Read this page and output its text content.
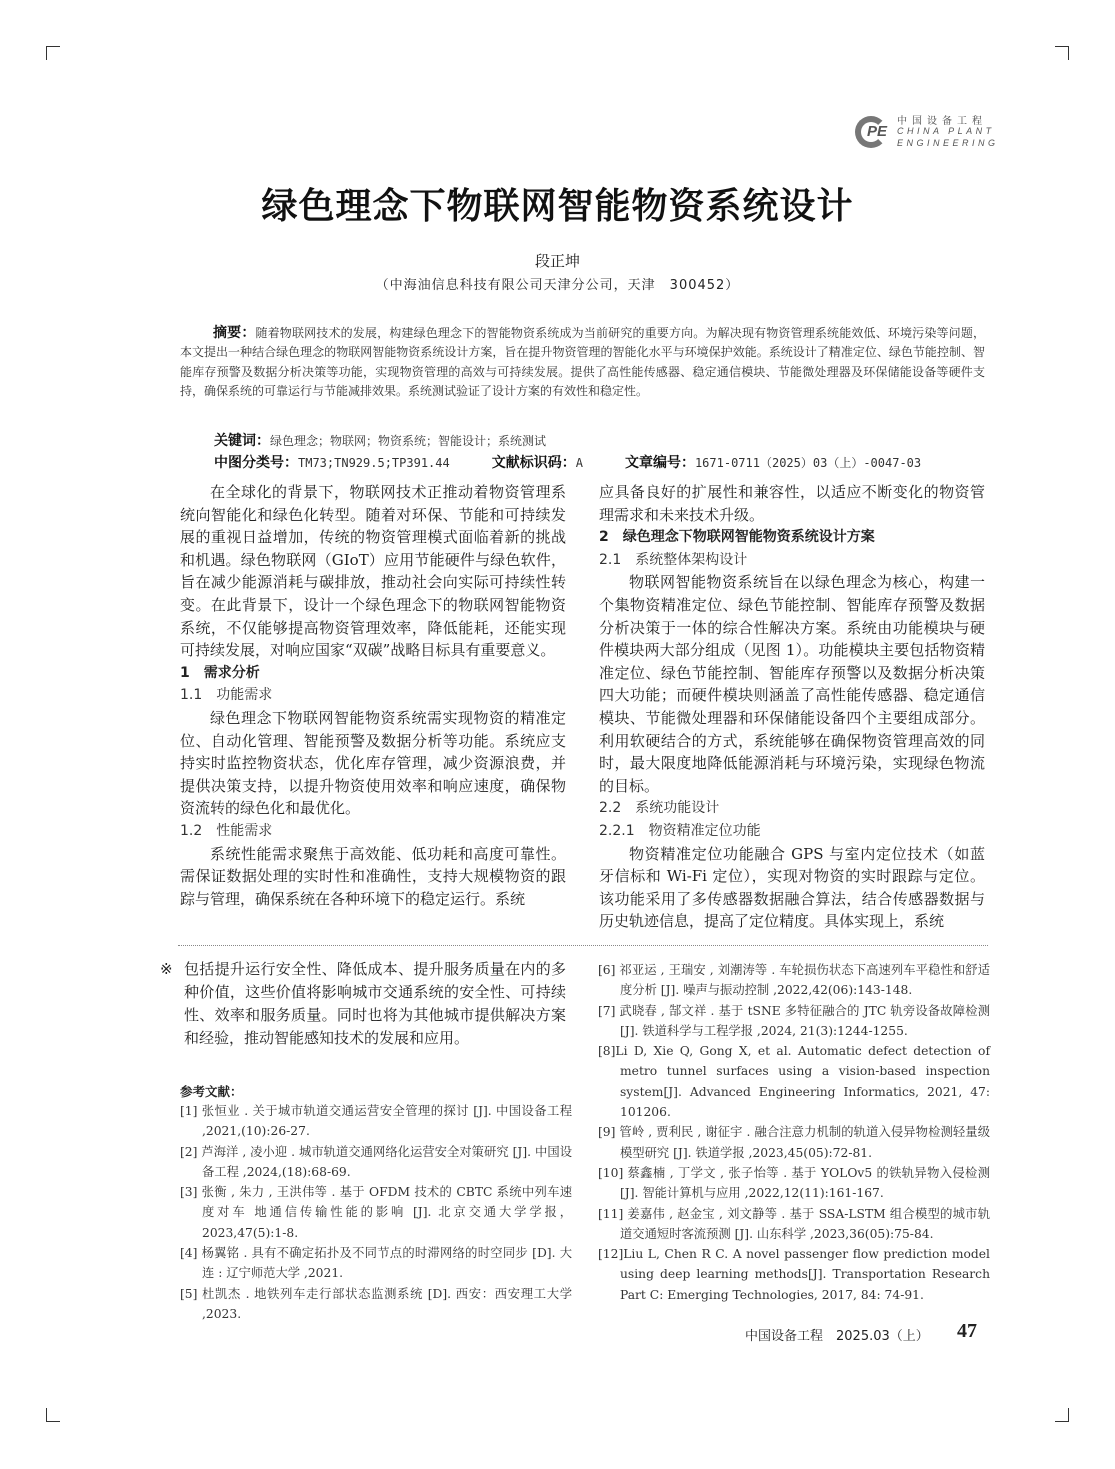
PE
中国设备工程
CHINA PLANT
ENGINEERING
绿色理念下物联网智能物资系统设计
段正坤
（中海油信息科技有限公司天津分公司，天津　300452）
摘要：随着物联网技术的发展，构建绿色理念下的智能物资系统成为当前研究的重要方向。为解决现有物资管理系统能效低、环境污染等问题，本文提出一种结合绿色理念的物联网智能物资系统设计方案，旨在提升物资管理的智能化水平与环境保护效能。系统设计了精准定位、绿色节能控制、智能库存预警及数据分析决策等功能，实现物资管理的高效与可持续发展。提供了高性能传感器、稳定通信模块、节能微处理器及环保储能设备等硬件支持，确保系统的可靠运行与节能减排效果。系统测试验证了设计方案的有效性和稳定性。
关键词：绿色理念；物联网；物资系统；智能设计；系统测试
中图分类号：TM73;TN929.5;TP391.44	文献标识码：A	文章编号：1671-0711（2025）03（上）-0047-03

在全球化的背景下，物联网技术正推动着物资管理系统向智能化和绿色化转型。随着对环保、节能和可持续发展的重视日益增加，传统的物资管理模式面临着新的挑战和机遇。绿色物联网（GIoT）应用节能硬件与绿色软件，旨在减少能源消耗与碳排放，推动社会向实际可持续性转变。在此背景下，设计一个绿色理念下的物联网智能物资系统，不仅能够提高物资管理效率，降低能耗，还能实现可持续发展，对响应国家“双碳”战略目标具有重要意义。

1　需求分析
1.1　功能需求

绿色理念下物联网智能物资系统需实现物资的精准定位、自动化管理、智能预警及数据分析等功能。系统应支持实时监控物资状态，优化库存管理，减少资源浪费，并提供决策支持，以提升物资使用效率和响应速度，确保物资流转的绿色化和最优化。

1.2　性能需求

系统性能需求聚焦于高效能、低功耗和高度可靠性。需保证数据处理的实时性和准确性，支持大规模物资的跟踪与管理，确保系统在各种环境下的稳定运行。系统

应具备良好的扩展性和兼容性，以适应不断变化的物资管理需求和未来技术升级。

2　绿色理念下物联网智能物资系统设计方案
2.1　系统整体架构设计

物联网智能物资系统旨在以绿色理念为核心，构建一个集物资精准定位、绿色节能控制、智能库存预警及数据分析决策于一体的综合性解决方案。系统由功能模块与硬件模块两大部分组成（见图 1）。功能模块主要包括物资精准定位、绿色节能控制、智能库存预警以及数据分析决策四大功能；而硬件模块则涵盖了高性能传感器、稳定通信模块、节能微处理器和环保储能设备四个主要组成部分。利用软硬结合的方式，系统能够在确保物资管理高效的同时，最大限度地降低能源消耗与环境污染，实现绿色物流的目标。

2.2　系统功能设计
2.2.1　物资精准定位功能

物资精准定位功能融合 GPS 与室内定位技术（如蓝牙信标和 Wi-Fi 定位），实现对物资的实时跟踪与定位。该功能采用了多传感器数据融合算法，结合传感器数据与历史轨迹信息，提高了定位精度。具体实现上，系统

※ 包括提升运行安全性、降低成本、提升服务质量在内的多种价值，这些价值将影响城市交通系统的安全性、可持续性、效率和服务质量。同时也将为其他城市提供解决方案和经验，推动智能感知技术的发展和应用。
参考文献：
[1] 张恒业 . 关于城市轨道交通运营安全管理的探讨 [J]. 中国设备工程 ,2021,(10):26-27.
[2] 芦海洋 , 凌小迎 . 城市轨道交通网络化运营安全对策研究 [J]. 中国设备工程 ,2024,(18):68-69.
[3] 张衡 , 朱力 , 王洪伟等 . 基于 OFDM 技术的 CBTC 系统中列车速度对车 地通信传输性能的影响 [J]. 北京交通大学学报，2023,47(5):1-8.
[4] 杨翼铭 . 具有不确定拓扑及不同节点的时滞网络的时空同步 [D]. 大连 : 辽宁师范大学 ,2021.
[5] 杜凯杰 . 地铁列车走行部状态监测系统 [D]. 西安：西安理工大学 ,2023.
[6] 祁亚运 , 王瑞安 , 刘潮涛等 . 车轮损伤状态下高速列车平稳性和舒适度分析 [J]. 噪声与振动控制 ,2022,42(06):143-148.
[7] 武晓春 , 郜文祥 . 基于 tSNE 多特征融合的 JTC 轨旁设备故障检测 [J]. 铁道科学与工程学报 ,2024, 21(3):1244-1255.
[8]Li D, Xie Q, Gong X, et al. Automatic defect detection of metro tunnel surfaces using a vision-based inspection system[J]. Advanced Engineering Informatics, 2021, 47: 101206.
[9] 管岭 , 贾利民 , 谢征宇 . 融合注意力机制的轨道入侵异物检测轻量级模型研究 [J]. 铁道学报 ,2023,45(05):72-81.
[10] 蔡鑫楠 , 丁学文 , 张子怡等 . 基于 YOLOv5 的铁轨异物入侵检测 [J]. 智能计算机与应用 ,2022,12(11):161-167.
[11] 姜嘉伟 , 赵金宝 , 刘文静等 . 基于 SSA-LSTM 组合模型的城市轨道交通短时客流预测 [J]. 山东科学 ,2023,36(05):75-84.
[12]Liu L, Chen R C. A novel passenger flow prediction model using deep learning methods[J]. Transportation Research Part C: Emerging Technologies, 2017, 84: 74-91.
中国设备工程　2025.03（上） 47
